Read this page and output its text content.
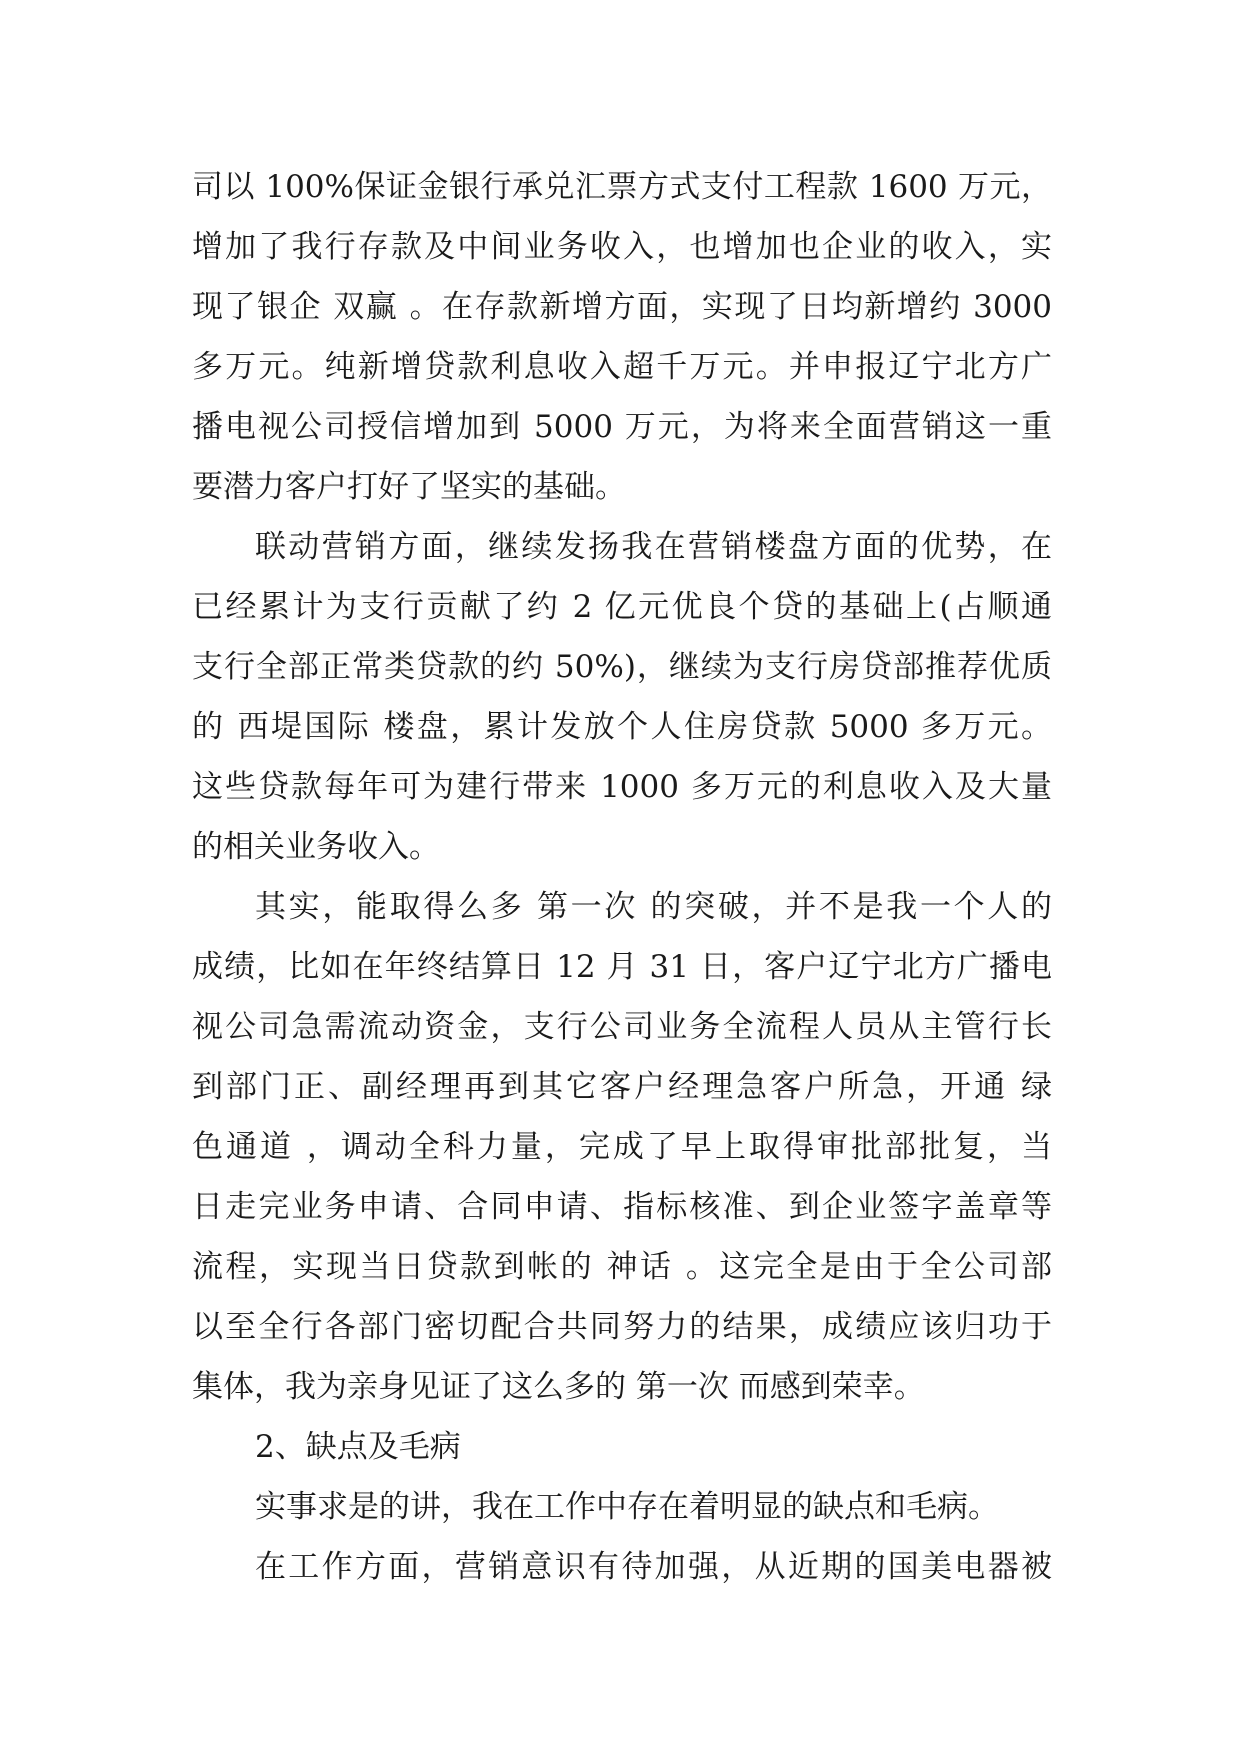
司以 100%保证金银行承兑汇票方式支付工程款 1600 万元，
增加了我行存款及中间业务收入，也增加也企业的收入，实
现了银企 双赢 。在存款新增方面，实现了日均新增约 3000
多万元。纯新增贷款利息收入超千万元。并申报辽宁北方广
播电视公司授信增加到 5000 万元，为将来全面营销这一重
要潜力客户打好了坚实的基础。
联动营销方面，继续发扬我在营销楼盘方面的优势，在
已经累计为支行贡献了约 2 亿元优良个贷的基础上(占顺通
支行全部正常类贷款的约 50%)，继续为支行房贷部推荐优质
的 西堤国际 楼盘，累计发放个人住房贷款 5000 多万元。
这些贷款每年可为建行带来 1000 多万元的利息收入及大量
的相关业务收入。
其实，能取得么多 第一次 的突破，并不是我一个人的
成绩，比如在年终结算日 12 月 31 日，客户辽宁北方广播电
视公司急需流动资金，支行公司业务全流程人员从主管行长
到部门正、副经理再到其它客户经理急客户所急，开通 绿
色通道 ，调动全科力量，完成了早上取得审批部批复，当
日走完业务申请、合同申请、指标核准、到企业签字盖章等
流程，实现当日贷款到帐的 神话 。这完全是由于全公司部
以至全行各部门密切配合共同努力的结果，成绩应该归功于
集体，我为亲身见证了这么多的 第一次 而感到荣幸。
2、缺点及毛病
实事求是的讲，我在工作中存在着明显的缺点和毛病。
在工作方面，营销意识有待加强，从近期的国美电器被
